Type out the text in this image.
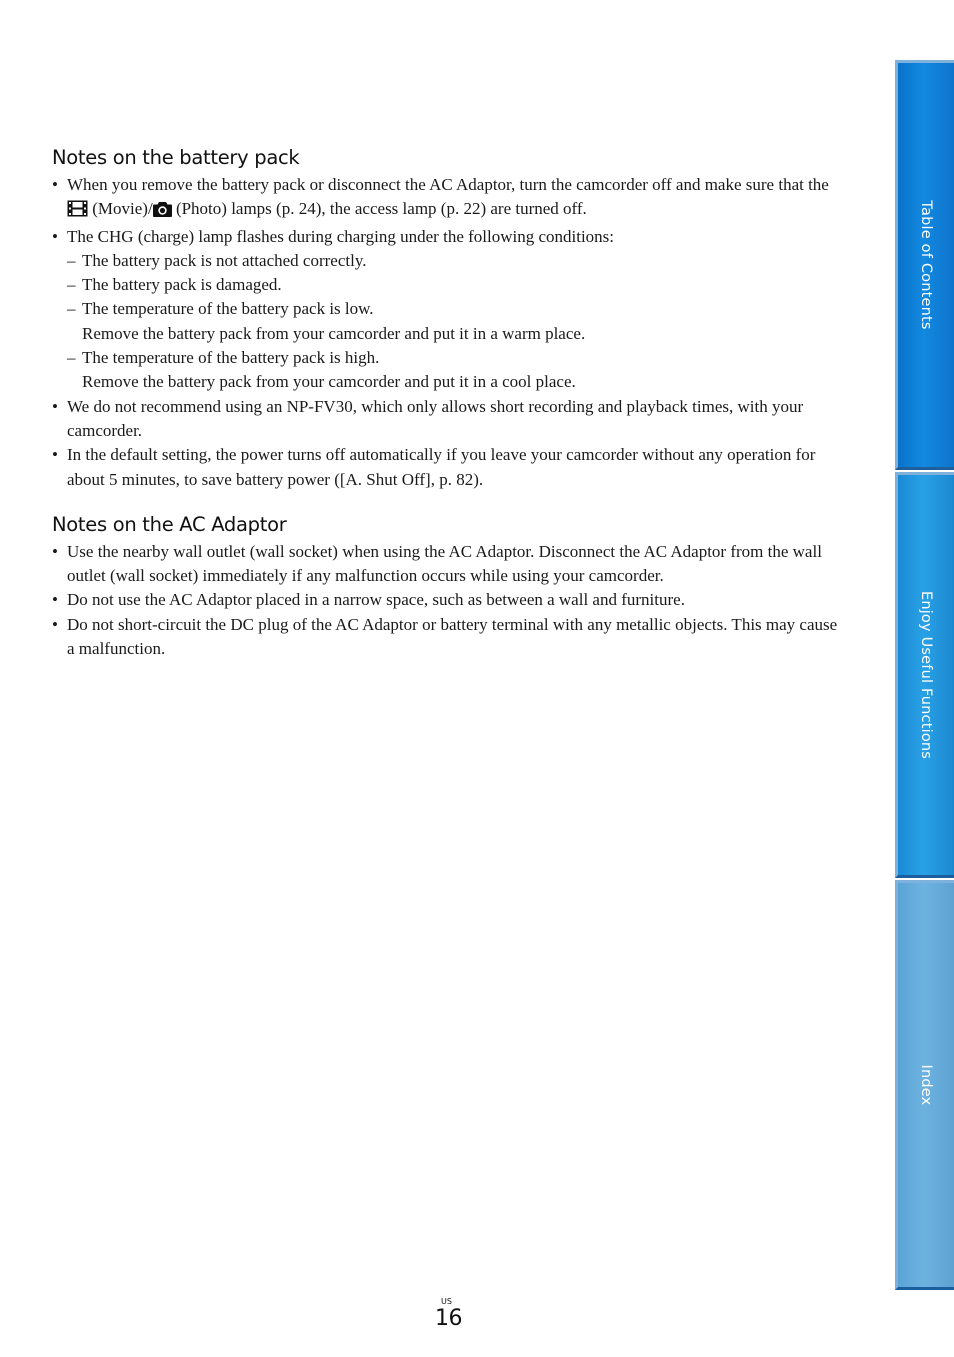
Notes on the battery pack
• When you remove the battery pack or disconnect the AC Adaptor, turn the camcorder off and make sure that the  (Movie)/ (Photo) lamps (p. 24), the access lamp (p. 22) are turned off.
• The CHG (charge) lamp flashes during charging under the following conditions:
– The battery pack is not attached correctly.
– The battery pack is damaged.
– The temperature of the battery pack is low.
Remove the battery pack from your camcorder and put it in a warm place.
– The temperature of the battery pack is high.
Remove the battery pack from your camcorder and put it in a cool place.
• We do not recommend using an NP-FV30, which only allows short recording and playback times, with your camcorder.
• In the default setting, the power turns off automatically if you leave your camcorder without any operation for about 5 minutes, to save battery power ([A. Shut Off], p. 82).
Notes on the AC Adaptor
• Use the nearby wall outlet (wall socket) when using the AC Adaptor. Disconnect the AC Adaptor from the wall outlet (wall socket) immediately if any malfunction occurs while using your camcorder.
• Do not use the AC Adaptor placed in a narrow space, such as between a wall and furniture.
• Do not short-circuit the DC plug of the AC Adaptor or battery terminal with any metallic objects. This may cause a malfunction.
Table of Contents
Enjoy Useful Functions
Index
US
16
